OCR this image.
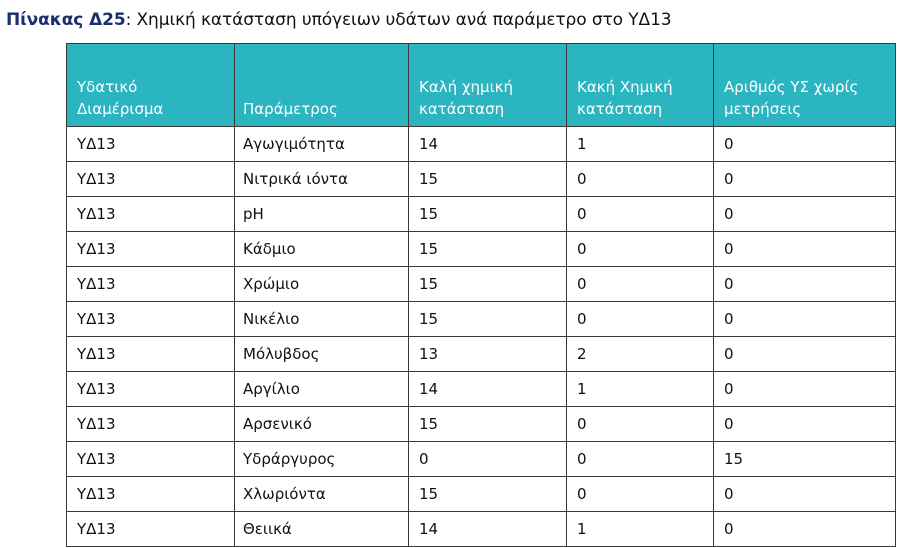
Πίνακας Δ25: Χημική κατάσταση υπόγειων υδάτων ανά παράμετρο στο ΥΔ13
Υδατικό Διαμέρισμα	Παράμετρος	Καλή χημική κατάσταση	Κακή Χημική κατάσταση	Αριθμός ΥΣ χωρίς μετρήσεις
ΥΔ13	Αγωγιμότητα	14	1	0
ΥΔ13	Νιτρικά ιόντα	15	0	0
ΥΔ13	pH	15	0	0
ΥΔ13	Κάδμιο	15	0	0
ΥΔ13	Χρώμιο	15	0	0
ΥΔ13	Νικέλιο	15	0	0
ΥΔ13	Μόλυβδος	13	2	0
ΥΔ13	Αργίλιο	14	1	0
ΥΔ13	Αρσενικό	15	0	0
ΥΔ13	Υδράργυρος	0	0	15
ΥΔ13	Χλωριόντα	15	0	0
ΥΔ13	Θειικά	14	1	0
